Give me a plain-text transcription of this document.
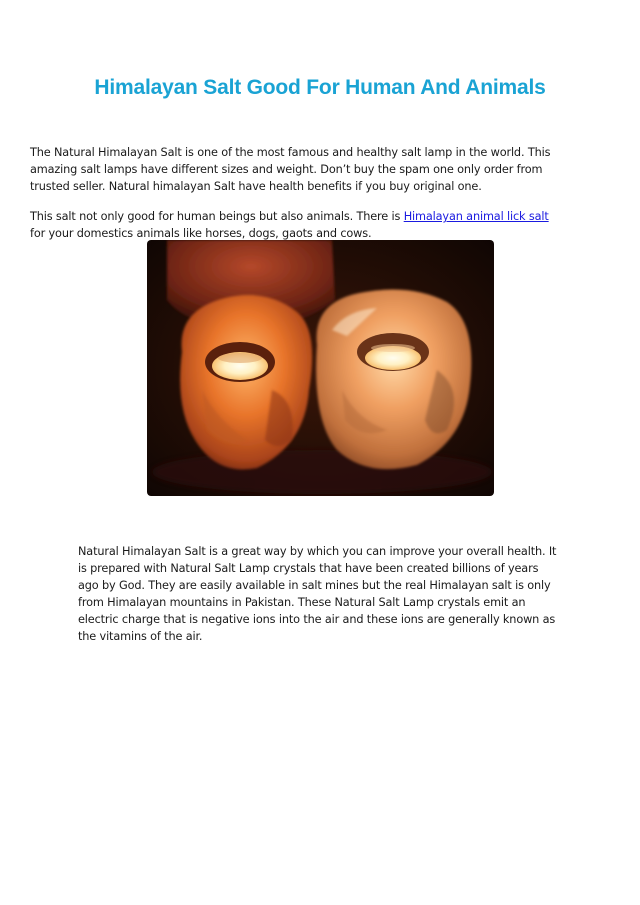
Himalayan Salt Good For Human And Animals

The Natural Himalayan Salt is one of the most famous and healthy salt lamp in the world. This amazing salt lamps have different sizes and weight. Don’t buy the spam one only order from trusted seller. Natural himalayan Salt have health benefits if you buy original one.

This salt not only good for human beings but also animals. There is Himalayan animal lick salt for your domestics animals like horses, dogs, gaots and cows.

Natural Himalayan Salt is a great way by which you can improve your overall health. It is prepared with Natural Salt Lamp crystals that have been created billions of years ago by God. They are easily available in salt mines but the real Himalayan salt is only from Himalayan mountains in Pakistan. These Natural Salt Lamp crystals emit an electric charge that is negative ions into the air and these ions are generally known as the vitamins of the air.
